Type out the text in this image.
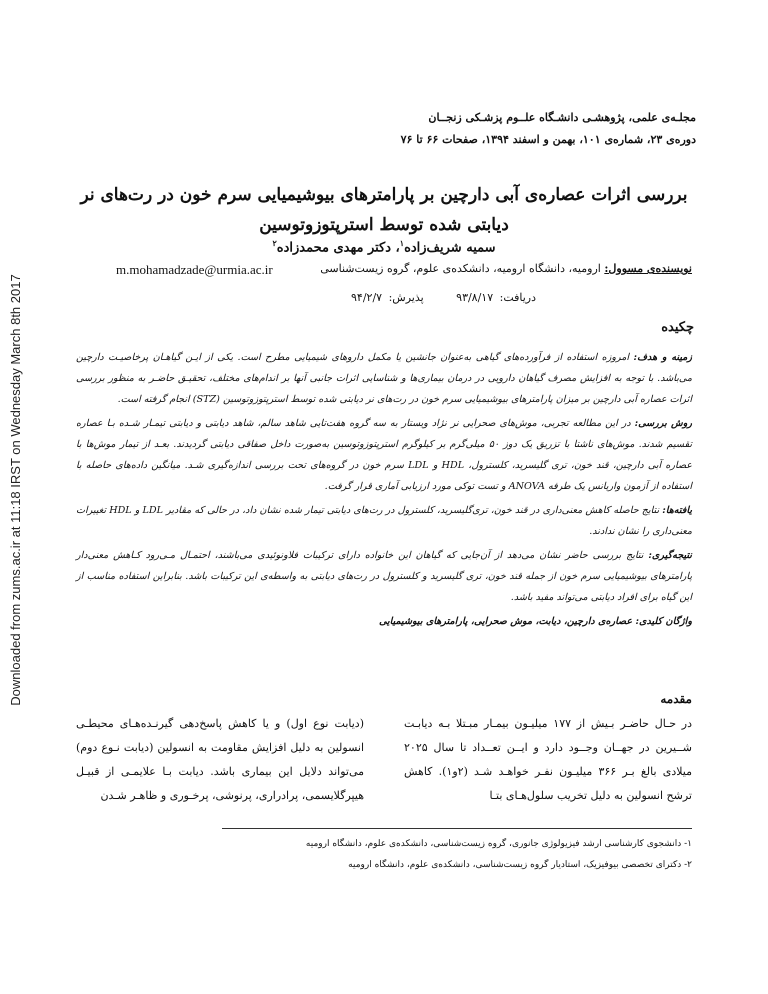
Downloaded from zums.ac.ir at 11:18 IRST on Wednesday March 8th 2017
مجلـه‌ی علمی، پژوهشـی دانشـگاه علــوم پزشـکی زنجــان
دوره‌ی ۲۳، شماره‌ی ۱۰۱، بهمن و اسفند ۱۳۹۴، صفحات ۶۶ تا ۷۶
بررسی اثرات عصاره‌ی آبی دارچین بر پارامترهای بیوشیمیایی سرم خون در رت‌های نر
دیابتی شده توسط استرپتوزوتوسین
سمیه شریف‌زاده$^۱$، دکتر مهدی محمدزاده$^۲$
نویسنده‌ی مسوول: ارومیه، دانشگاه ارومیه، دانشکده‌ی علوم، گروه زیست‌شناسی
m.mohamadzade@urmia.ac.ir
دریافت: ۹۳/۸/۱۷     پذیرش: ۹۴/۲/۷
چکیده

زمینه و هدف: امروزه استفاده از فرآورده‌های گیاهی به‌عنوان جانشین یا مکمل داروهای شیمیایی مطرح است. یکی از ایـن گیاهـان پرخاصیـت دارچین می‌باشد. با توجه به افزایش مصرف گیاهان دارویی در درمان بیماری‌ها و شناسایی اثرات جانبی آنها بر اندام‌های مختلف، تحقیـق حاضـر به منظور بررسی اثرات عصاره آبی دارچین بر میزان پارامترهای بیوشیمیایی سرم خون در رت‌های نر دیابتی شده توسط استرپتوزوتوسین (STZ) انجام گرفته است.

روش بررسی: در این مطالعه تجربی، موش‌های صحرایی نر نژاد ویستار به سه گروه هفت‌تایی شاهد سالم، شاهد دیابتی و دیابتی تیمـار شـده بـا عصاره تقسیم شدند. موش‌های ناشتا با تزریق یک دوز ۵۰ میلی‌گرم بر کیلوگرم استرپتوزوتوسین به‌صورت داخل صفاقی دیابتی گردیدند. بعـد از تیمار موش‌ها با عصاره آبی دارچین، قند خون، تری گلیسرید، کلسترول، HDL و LDL سرم خون در گروه‌های تحت بررسی اندازه‌گیری شـد. میانگین داده‌های حاصله با استفاده از آزمون واریانس یک طرفه ANOVA و تست توکی مورد ارزیابی آماری قرار گرفت.

یافته‌ها: نتایج حاصله کاهش معنی‌داری در قند خون، تری‌گلیسرید، کلسترول در رت‌های دیابتی تیمار شده نشان داد، در حالی که مقادیر LDL و HDL تغییرات معنی‌داری را نشان ندادند.

نتیجه‌گیری: نتایج بررسی حاضر نشان می‌دهد از آن‌جایی که گیاهان این خانواده دارای ترکیبات فلاونوئیدی می‌باشند، احتمـال مـی‌رود کـاهش معنی‌دار پارامترهای بیوشیمیایی سرم خون از جمله قند خون، تری گلیسرید و کلسترول در رت‌های دیابتی به واسطه‌ی این ترکیبات باشد. بنابراین استفاده مناسب از این گیاه برای افراد دیابتی می‌تواند مفید باشد.

واژگان کلیدی: عصاره‌ی دارچین، دیابت، موش صحرایی، پارامترهای بیوشیمیایی

مقدمه
در حـال حاضـر بـیش از ۱۷۷ میلیـون بیمـار مبـتلا بـه دیابـت شــیرین در جهــان وجــود دارد و ایــن تعــداد تا سال ۲۰۲۵ میلادی بالغ بـر ۳۶۶ میلیـون نفـر خواهـد شـد (۲و۱). کاهش ترشح انسولین به دلیل تخریب سلول‌هـای بتـا
(دیابت نوع اول) و یا کاهش پاسخ‌دهی گیرنـده‌هـای محیطـی انسولین به دلیل افزایش مقاومت به انسولین (دیابت نـوع دوم) می‌تواند دلایل این بیماری باشد. دیابت بـا علایمـی از قبیـل هیپرگلایسمی، پرادراری، پرنوشی، پرخـوری و ظاهـر شـدن
۱- دانشجوی کارشناسی ارشد فیزیولوژی جانوری، گروه زیست‌شناسی، دانشکده‌ی علوم، دانشگاه ارومیه
۲- دکترای تخصصی بیوفیزیک، استادیار گروه زیست‌شناسی، دانشکده‌ی علوم، دانشگاه ارومیه
